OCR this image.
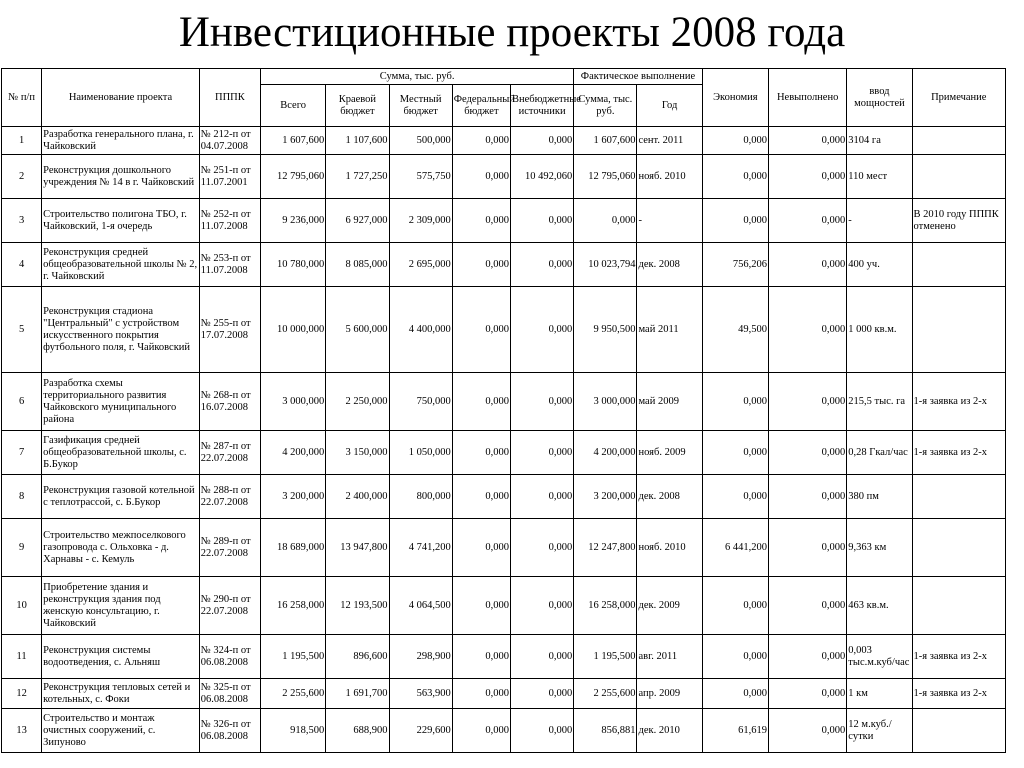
Инвестиционные проекты 2008 года
№ п/п	Наименование проекта	ПППК	Сумма, тыс. руб.					Фактическое выполнение		Экономия	Невыполнено	ввод мощностей	Примечание
			Всего	Краевой бюджет	Местный бюджет	Федеральный бюджет	Внебюджетные источники	Сумма, тыс. руб.	Год				
1	Разработка генерального плана, г. Чайковский	№ 212-п от 04.07.2008	1 607,600	1 107,600	500,000	0,000	0,000	1 607,600	сент. 2011	0,000	0,000	3104 га	
2	Реконструкция дошкольного учреждения № 14 в г. Чайковский	№ 251-п от 11.07.2001	12 795,060	1 727,250	575,750	0,000	10 492,060	12 795,060	нояб. 2010	0,000	0,000	110 мест	
3	Строительство полигона ТБО, г. Чайковский, 1-я очередь	№ 252-п от 11.07.2008	9 236,000	6 927,000	2 309,000	0,000	0,000	0,000	-	0,000	0,000	-	В 2010 году ПППК отменено
4	Реконструкция средней общеобразовательной школы № 2, г. Чайковский	№ 253-п от 11.07.2008	10 780,000	8 085,000	2 695,000	0,000	0,000	10 023,794	дек. 2008	756,206	0,000	400 уч.	
5	Реконструкция стадиона "Центральный" с устройством искусственного покрытия футбольного поля, г. Чайковский	№ 255-п от 17.07.2008	10 000,000	5 600,000	4 400,000	0,000	0,000	9 950,500	май 2011	49,500	0,000	1 000 кв.м.	
6	Разработка схемы территориального развития Чайковского муниципального района	№ 268-п от 16.07.2008	3 000,000	2 250,000	750,000	0,000	0,000	3 000,000	май 2009	0,000	0,000	215,5 тыс. га	1-я заявка из 2-х
7	Газификация средней общеобразовательной школы, с. Б.Букор	№ 287-п от 22.07.2008	4 200,000	3 150,000	1 050,000	0,000	0,000	4 200,000	нояб. 2009	0,000	0,000	0,28 Гкал/час	1-я заявка из 2-х
8	Реконструкция газовой котельной с теплотрассой, с. Б.Букор	№ 288-п от 22.07.2008	3 200,000	2 400,000	800,000	0,000	0,000	3 200,000	дек. 2008	0,000	0,000	380 пм	
9	Строительство межпоселкового газопровода с. Ольховка - д. Харнавы - с. Кемуль	№ 289-п от 22.07.2008	18 689,000	13 947,800	4 741,200	0,000	0,000	12 247,800	нояб. 2010	6 441,200	0,000	9,363 км	
10	Приобретение здания и реконструкция здания под женскую консультацию, г. Чайковский	№ 290-п от 22.07.2008	16 258,000	12 193,500	4 064,500	0,000	0,000	16 258,000	дек. 2009	0,000	0,000	463 кв.м.	
11	Реконструкция системы водоотведения, с. Альняш	№ 324-п от 06.08.2008	1 195,500	896,600	298,900	0,000	0,000	1 195,500	авг. 2011	0,000	0,000	0,003 тыс.м.куб/час	1-я заявка из 2-х
12	Реконструкция тепловых сетей и котельных, с. Фоки	№ 325-п от 06.08.2008	2 255,600	1 691,700	563,900	0,000	0,000	2 255,600	апр. 2009	0,000	0,000	1 км	1-я заявка из 2-х
13	Строительство и монтаж очистных сооружений, с. Зипуново	№ 326-п от 06.08.2008	918,500	688,900	229,600	0,000	0,000	856,881	дек. 2010	61,619	0,000	12 м.куб./сутки	
